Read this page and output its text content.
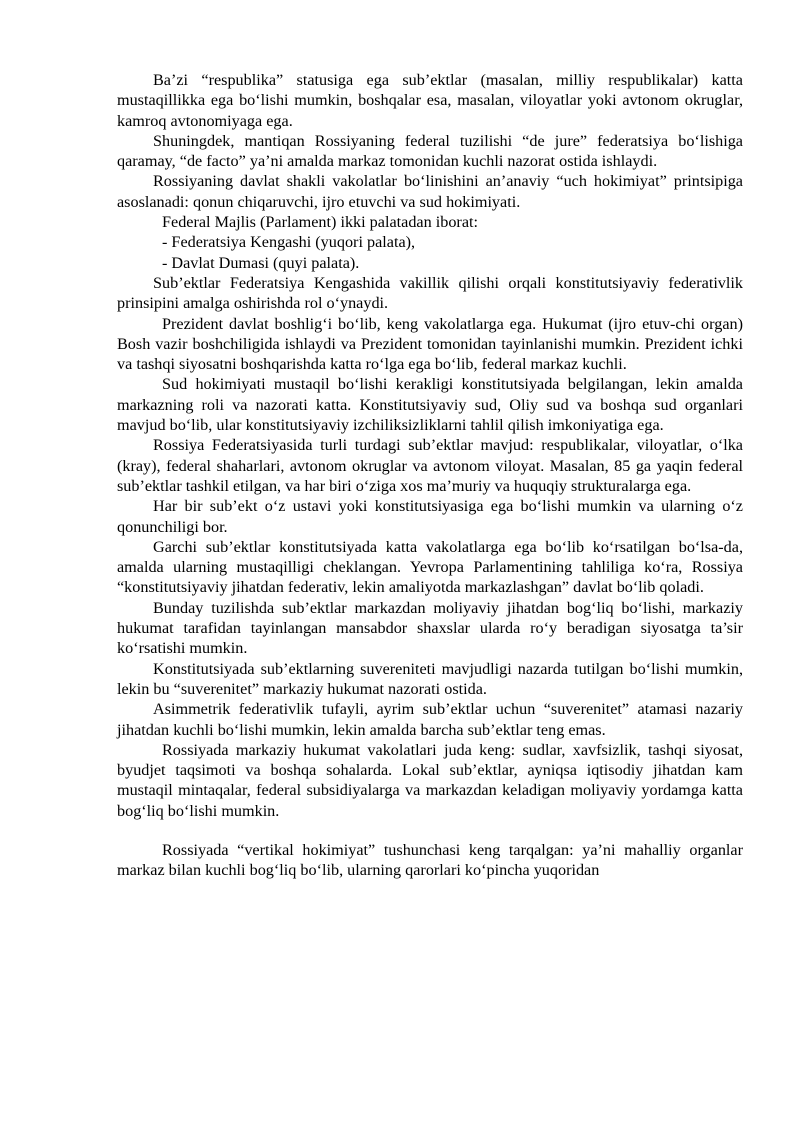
Ba’zi “respublika” statusiga ega sub’ektlar (masalan, milliy respublikalar) katta mustaqillikka ega bo‘lishi mumkin, boshqalar esa, masalan, viloyatlar yoki avtonom okruglar, kamroq avtonomiyaga ega.

Shuningdek, mantiqan Rossiyaning federal tuzilishi “de jure” federatsiya bo‘lishiga qaramay, “de facto” ya’ni amalda markaz tomonidan kuchli nazorat ostida ishlaydi.

Rossiyaning davlat shakli vakolatlar bo‘linishini an’anaviy “uch hokimiyat” printsipiga asoslanadi: qonun chiqaruvchi, ijro etuvchi va sud hokimiyati.

Federal Majlis (Parlament) ikki palatadan iborat:

- Federatsiya Kengashi (yuqori palata),

- Davlat Dumasi (quyi palata).

Sub’ektlar Federatsiya Kengashida vakillik qilishi orqali konstitutsiyaviy federativlik prinsipini amalga oshirishda rol o‘ynaydi.

Prezident davlat boshlig‘i bo‘lib, keng vakolatlarga ega. Hukumat (ijro etuv-chi organ) Bosh vazir boshchiligida ishlaydi va Prezident tomonidan tayinlanishi mumkin. Prezident ichki va tashqi siyosatni boshqarishda katta ro‘lga ega bo‘lib, federal markaz kuchli.

Sud hokimiyati mustaqil bo‘lishi kerakligi konstitutsiyada belgilangan, lekin amalda markazning roli va nazorati katta. Konstitutsiyaviy sud, Oliy sud va boshqa sud organlari mavjud bo‘lib, ular konstitutsiyaviy izchiliksizliklarni tahlil qilish imkoniyatiga ega.

Rossiya Federatsiyasida turli turdagi sub’ektlar mavjud: respublikalar, viloyatlar, o‘lka (kray), federal shaharlari, avtonom okruglar va avtonom viloyat. Masalan, 85 ga yaqin federal sub’ektlar tashkil etilgan, va har biri o‘ziga xos ma’muriy va huquqiy strukturalarga ega.

Har bir sub’ekt o‘z ustavi yoki konstitutsiyasiga ega bo‘lishi mumkin va ularning o‘z qonunchiligi bor.

Garchi sub’ektlar konstitutsiyada katta vakolatlarga ega bo‘lib ko‘rsatilgan bo‘lsa-da, amalda ularning mustaqilligi cheklangan. Yevropa Parlamentining tahliliga ko‘ra, Rossiya “konstitutsiyaviy jihatdan federativ, lekin amaliyotda markazlashgan” davlat bo‘lib qoladi.

Bunday tuzilishda sub’ektlar markazdan moliyaviy jihatdan bog‘liq bo‘lishi, markaziy hukumat tarafidan tayinlangan mansabdor shaxslar ularda ro‘y beradigan siyosatga ta’sir ko‘rsatishi mumkin.

Konstitutsiyada sub’ektlarning suvereniteti mavjudligi nazarda tutilgan bo‘lishi mumkin, lekin bu “suverenitet” markaziy hukumat nazorati ostida.

Asimmetrik federativlik tufayli, ayrim sub’ektlar uchun “suverenitet” atamasi nazariy jihatdan kuchli bo‘lishi mumkin, lekin amalda barcha sub’ektlar teng emas.

Rossiyada markaziy hukumat vakolatlari juda keng: sudlar, xavfsizlik, tashqi siyosat, byudjet taqsimoti va boshqa sohalarda. Lokal sub’ektlar, ayniqsa iqtisodiy jihatdan kam mustaqil mintaqalar, federal subsidiyalarga va markazdan keladigan moliyaviy yordamga katta bog‘liq bo‘lishi mumkin.

Rossiyada “vertikal hokimiyat” tushunchasi keng tarqalgan: ya’ni mahalliy organlar markaz bilan kuchli bog‘liq bo‘lib, ularning qarorlari ko‘pincha yuqoridan
